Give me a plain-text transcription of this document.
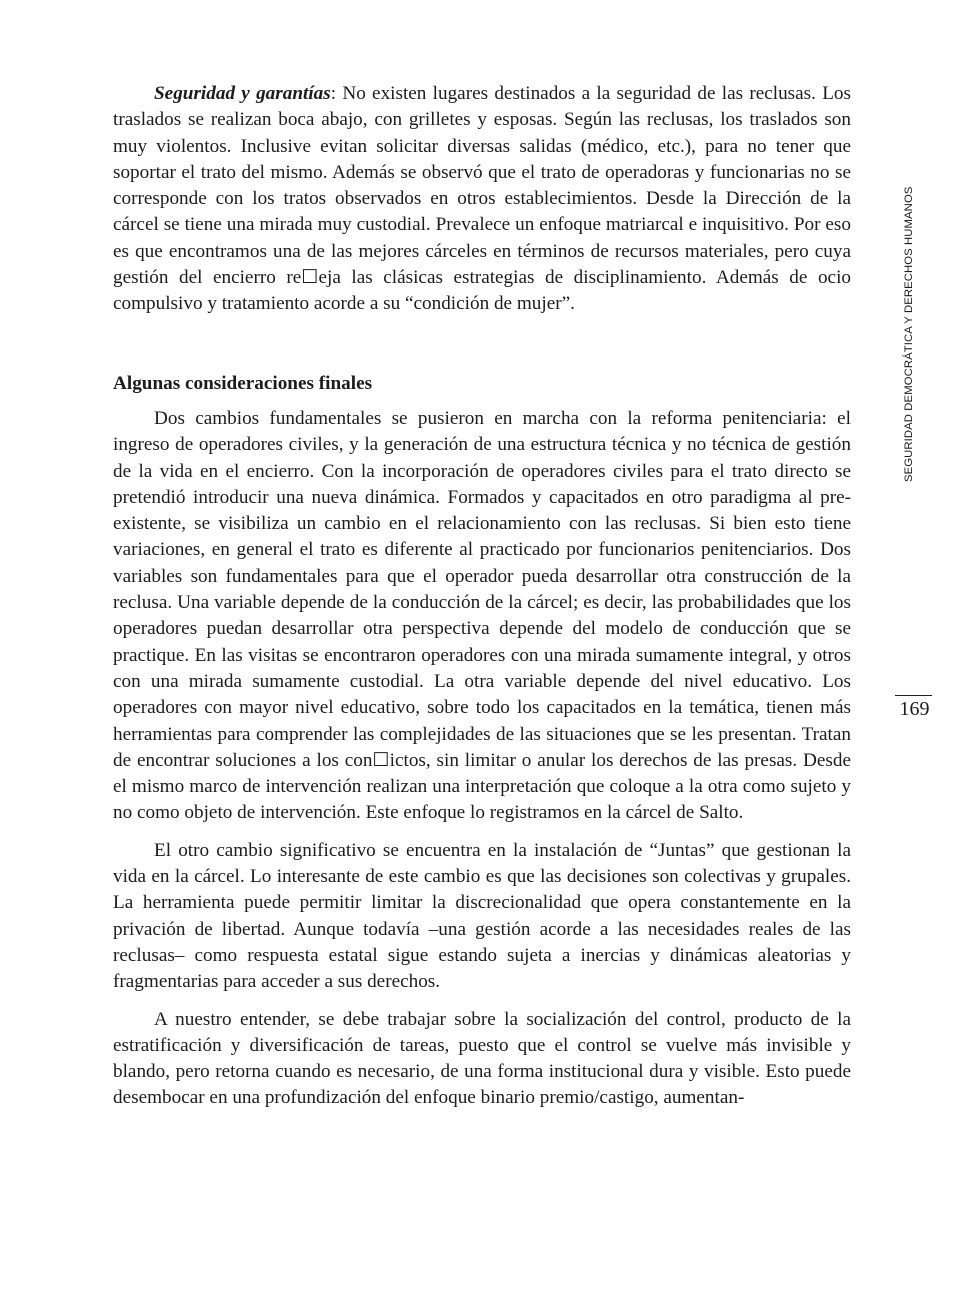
Seguridad y garantías: No existen lugares destinados a la seguridad de las reclusas. Los traslados se realizan boca abajo, con grilletes y esposas. Según las reclusas, los traslados son muy violentos. Inclusive evitan solicitar diversas salidas (médico, etc.), para no tener que soportar el trato del mismo. Además se observó que el trato de operadoras y funcionarias no se corresponde con los tratos observados en otros establecimientos. Desde la Dirección de la cárcel se tiene una mirada muy custodial. Prevalece un enfoque matriarcal e inquisitivo. Por eso es que encontramos una de las mejores cárceles en términos de recursos materiales, pero cuya gestión del encierro re☐eja las clásicas estrategias de disciplinamiento. Además de ocio compulsivo y tratamiento acorde a su “condición de mujer”.

Algunas consideraciones finales

Dos cambios fundamentales se pusieron en marcha con la reforma penitenciaria: el ingreso de operadores civiles, y la generación de una estructura técnica y no técnica de gestión de la vida en el encierro. Con la incorporación de operadores civiles para el trato directo se pretendió introducir una nueva dinámica. Formados y capacitados en otro paradigma al pre-existente, se visibiliza un cambio en el relacionamiento con las reclusas. Si bien esto tiene variaciones, en general el trato es diferente al practicado por funcionarios penitenciarios. Dos variables son fundamentales para que el operador pueda desarrollar otra construcción de la reclusa. Una variable depende de la conducción de la cárcel; es decir, las probabilidades que los operadores puedan desarrollar otra perspectiva depende del modelo de conducción que se practique. En las visitas se encontraron operadores con una mirada sumamente integral, y otros con una mirada sumamente custodial. La otra variable depende del nivel educativo. Los operadores con mayor nivel educativo, sobre todo los capacitados en la temática, tienen más herramientas para comprender las complejidades de las situaciones que se les presentan. Tratan de encontrar soluciones a los con☐ictos, sin limitar o anular los derechos de las presas. Desde el mismo marco de intervención realizan una interpretación que coloque a la otra como sujeto y no como objeto de intervención. Este enfoque lo registramos en la cárcel de Salto.

El otro cambio significativo se encuentra en la instalación de “Juntas” que gestionan la vida en la cárcel. Lo interesante de este cambio es que las decisiones son colectivas y grupales. La herramienta puede permitir limitar la discrecionalidad que opera constantemente en la privación de libertad. Aunque todavía –una gestión acorde a las necesidades reales de las reclusas– como respuesta estatal sigue estando sujeta a inercias y dinámicas aleatorias y fragmentarias para acceder a sus derechos.

A nuestro entender, se debe trabajar sobre la socialización del control, producto de la estratificación y diversificación de tareas, puesto que el control se vuelve más invisible y blando, pero retorna cuando es necesario, de una forma institucional dura y visible. Esto puede desembocar en una profundización del enfoque binario premio/castigo, aumentan-

SEGURIDAD DEMOCRÁTICA Y DERECHOS HUMANOS
169
